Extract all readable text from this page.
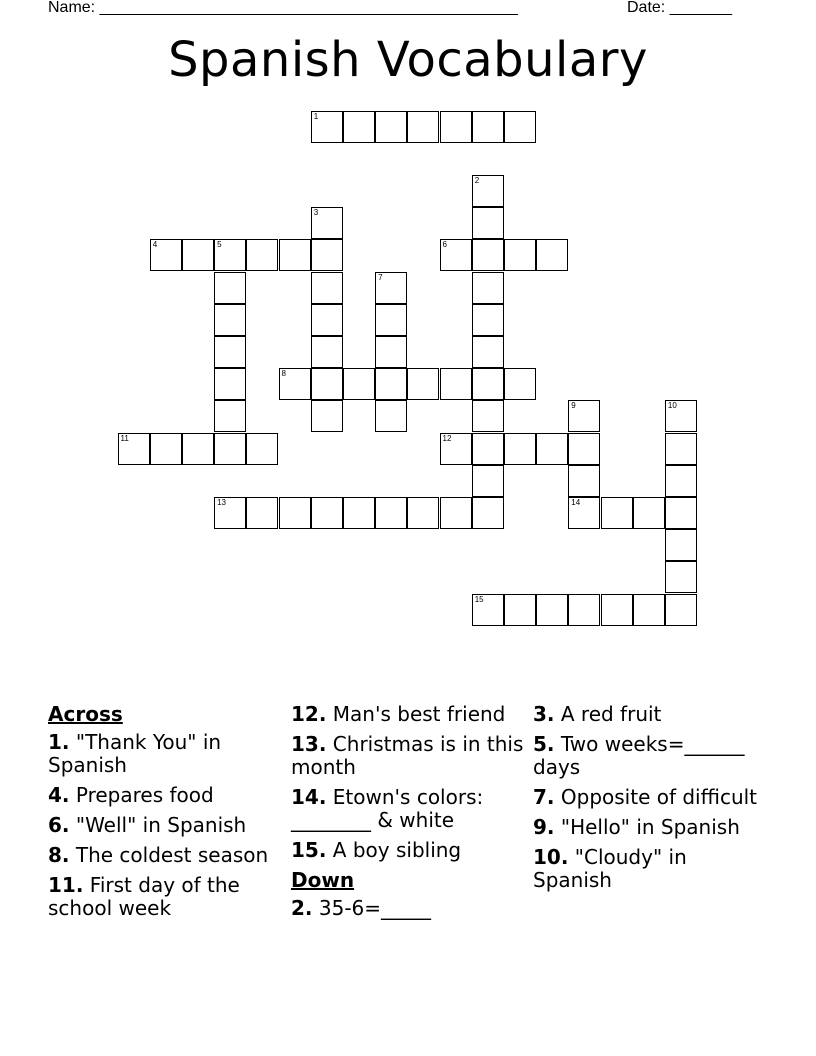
Name: _______________________________________________	Date: _______
Spanish Vocabulary
1
2
3
4	5	6
7
8
9
14
10
11	12
13
15
Across
1. "Thank You" in Spanish
4. Prepares food
6. "Well" in Spanish
8. The coldest season
11. First day of the school week
12. Man's best friend
13. Christmas is in this month
14. Etown's colors: ________ & white
15. A boy sibling
Down
2. 35-6=_____
3. A red fruit
5. Two weeks=______ days
7. Opposite of difficult
9. "Hello" in Spanish
10. "Cloudy" in Spanish
